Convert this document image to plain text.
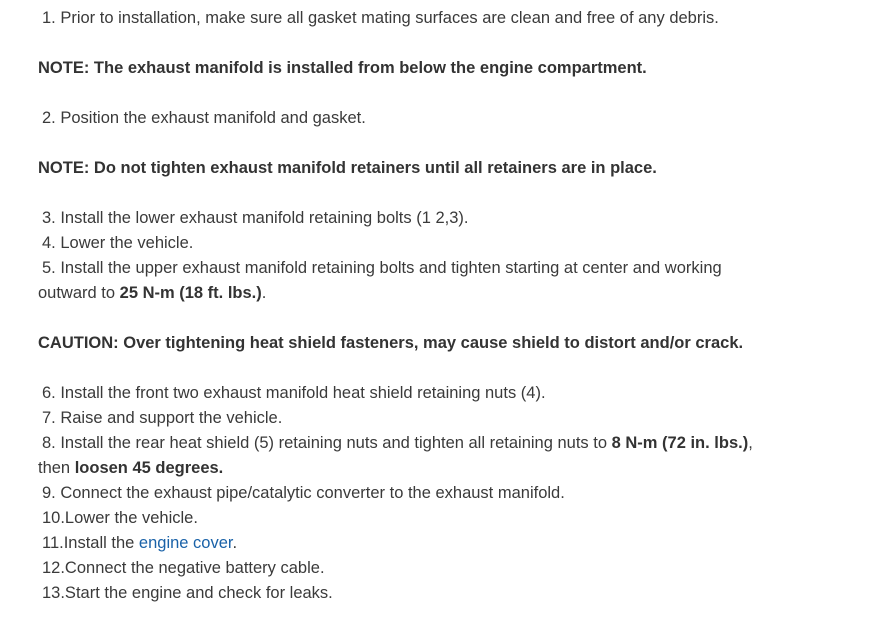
1. Prior to installation, make sure all gasket mating surfaces are clean and free of any debris.
NOTE: The exhaust manifold is installed from below the engine compartment.
2. Position the exhaust manifold and gasket.
NOTE: Do not tighten exhaust manifold retainers until all retainers are in place.
3. Install the lower exhaust manifold retaining bolts (1 2,3).
4. Lower the vehicle.
5. Install the upper exhaust manifold retaining bolts and tighten starting at center and working
outward to 25 N-m (18 ft. lbs.).
CAUTION: Over tightening heat shield fasteners, may cause shield to distort and/or crack.
6. Install the front two exhaust manifold heat shield retaining nuts (4).
7. Raise and support the vehicle.
8. Install the rear heat shield (5) retaining nuts and tighten all retaining nuts to 8 N-m (72 in. lbs.),
then loosen 45 degrees.
9. Connect the exhaust pipe/catalytic converter to the exhaust manifold.
10.Lower the vehicle.
11.Install the engine cover.
12.Connect the negative battery cable.
13.Start the engine and check for leaks.
